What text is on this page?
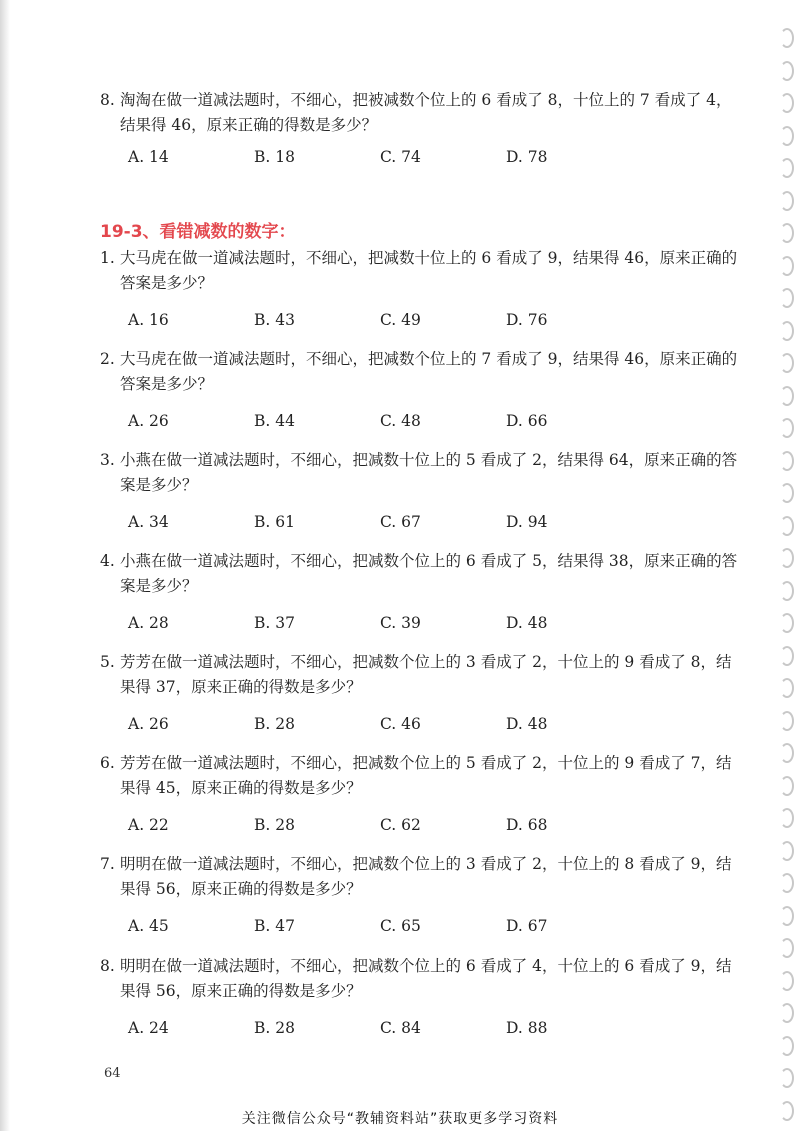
8. 淘淘在做一道减法题时，不细心，把被减数个位上的 6 看成了 8，十位上的 7 看成了 4，结果得 46，原来正确的得数是多少？
A. 14	B. 18	C. 74	D. 78
19-3、看错减数的数字：
1. 大马虎在做一道减法题时，不细心，把减数十位上的 6 看成了 9，结果得 46，原来正确的答案是多少？
A. 16	B. 43	C. 49	D. 76
2. 大马虎在做一道减法题时，不细心，把减数个位上的 7 看成了 9，结果得 46，原来正确的答案是多少？
A. 26	B. 44	C. 48	D. 66
3. 小燕在做一道减法题时，不细心，把减数十位上的 5 看成了 2，结果得 64，原来正确的答案是多少？
A. 34	B. 61	C. 67	D. 94
4. 小燕在做一道减法题时，不细心，把减数个位上的 6 看成了 5，结果得 38，原来正确的答案是多少？
A. 28	B. 37	C. 39	D. 48
5. 芳芳在做一道减法题时，不细心，把减数个位上的 3 看成了 2，十位上的 9 看成了 8，结果得 37，原来正确的得数是多少？
A. 26	B. 28	C. 46	D. 48
6. 芳芳在做一道减法题时，不细心，把减数个位上的 5 看成了 2，十位上的 9 看成了 7，结果得 45，原来正确的得数是多少？
A. 22	B. 28	C. 62	D. 68
7. 明明在做一道减法题时，不细心，把减数个位上的 3 看成了 2，十位上的 8 看成了 9，结果得 56，原来正确的得数是多少？
A. 45	B. 47	C. 65	D. 67
8. 明明在做一道减法题时，不细心，把减数个位上的 6 看成了 4，十位上的 6 看成了 9，结果得 56，原来正确的得数是多少？
A. 24	B. 28	C. 84	D. 88
64
关注微信公众号“教辅资料站”获取更多学习资料
